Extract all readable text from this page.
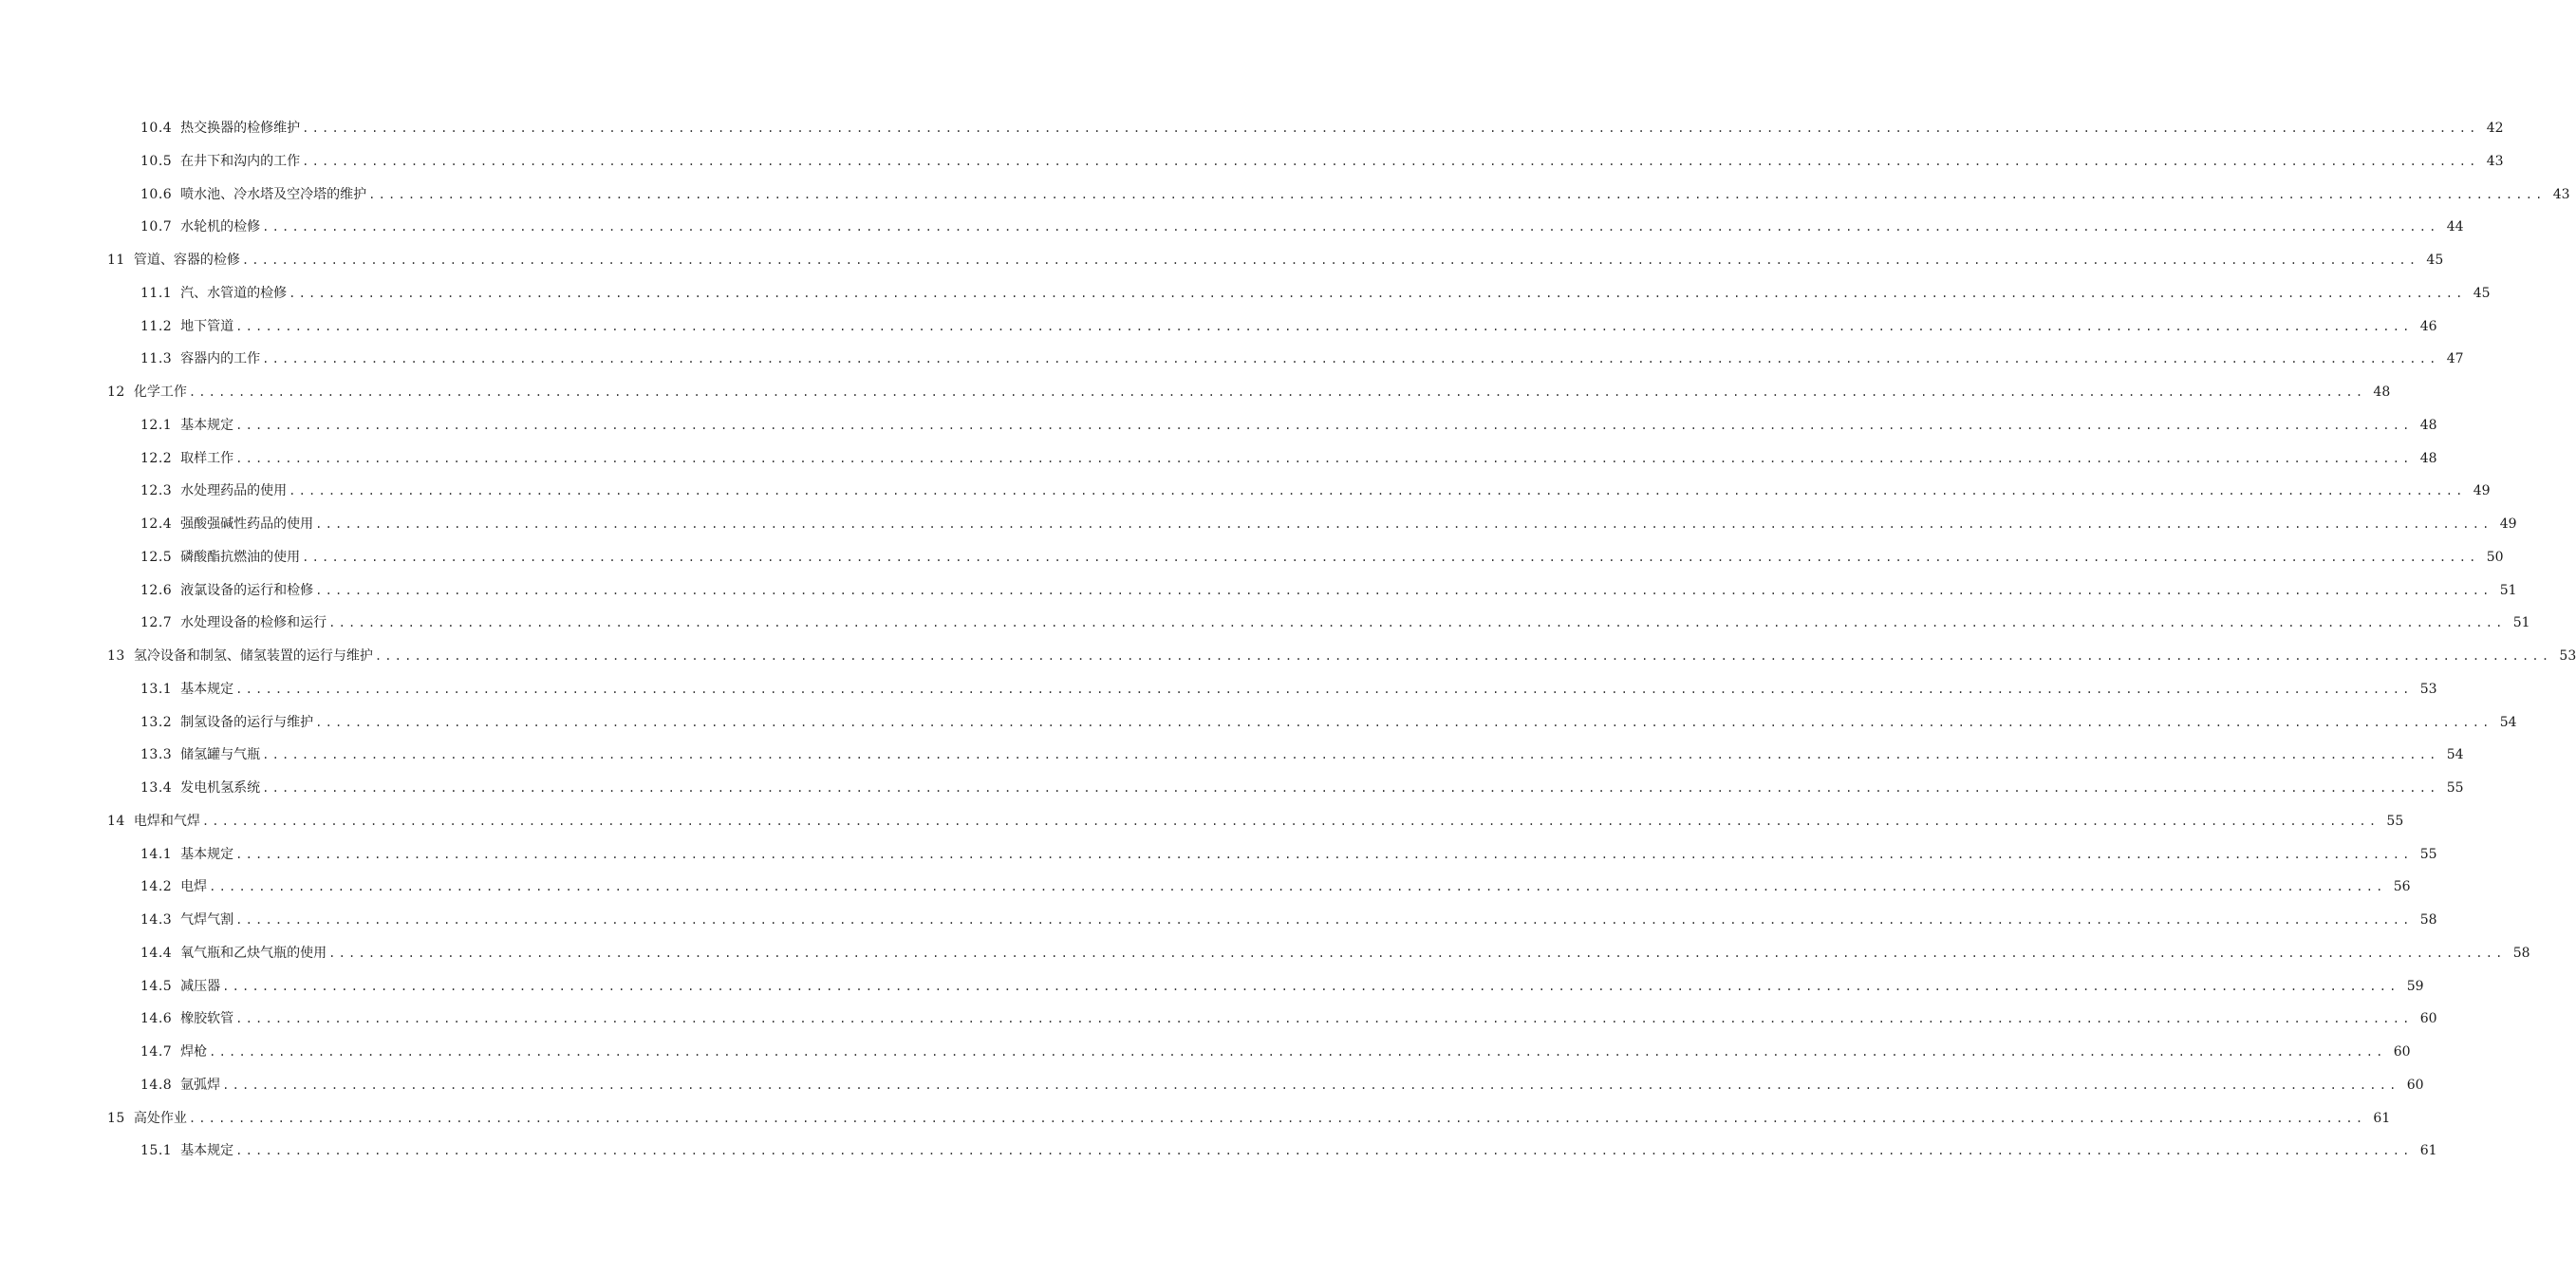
10.4 热交换器的检修维护 ............................................................................................................................................................................................................................ 42
10.5 在井下和沟内的工作 ............................................................................................................................................................................................................................ 43
10.6 喷水池、冷水塔及空冷塔的维护 ............................................................................................................................................................................................................................ 43
10.7 水轮机的检修 ............................................................................................................................................................................................................................ 44
11 管道、容器的检修 ............................................................................................................................................................................................................................ 45
11.1 汽、水管道的检修 ............................................................................................................................................................................................................................ 45
11.2 地下管道 ............................................................................................................................................................................................................................ 46
11.3 容器内的工作 ............................................................................................................................................................................................................................ 47
12 化学工作 ............................................................................................................................................................................................................................ 48
12.1 基本规定 ............................................................................................................................................................................................................................ 48
12.2 取样工作 ............................................................................................................................................................................................................................ 48
12.3 水处理药品的使用 ............................................................................................................................................................................................................................ 49
12.4 强酸强碱性药品的使用 ............................................................................................................................................................................................................................ 49
12.5 磷酸酯抗燃油的使用 ............................................................................................................................................................................................................................ 50
12.6 液氯设备的运行和检修 ............................................................................................................................................................................................................................ 51
12.7 水处理设备的检修和运行 ............................................................................................................................................................................................................................ 51
13 氢冷设备和制氢、储氢装置的运行与维护 ............................................................................................................................................................................................................................ 53
13.1 基本规定 ............................................................................................................................................................................................................................ 53
13.2 制氢设备的运行与维护 ............................................................................................................................................................................................................................ 54
13.3 储氢罐与气瓶 ............................................................................................................................................................................................................................ 54
13.4 发电机氢系统 ............................................................................................................................................................................................................................ 55
14 电焊和气焊 ............................................................................................................................................................................................................................ 55
14.1 基本规定 ............................................................................................................................................................................................................................ 55
14.2 电焊 ............................................................................................................................................................................................................................ 56
14.3 气焊气割 ............................................................................................................................................................................................................................ 58
14.4 氧气瓶和乙炔气瓶的使用 ............................................................................................................................................................................................................................ 58
14.5 减压器 ............................................................................................................................................................................................................................ 59
14.6 橡胶软管 ............................................................................................................................................................................................................................ 60
14.7 焊枪 ............................................................................................................................................................................................................................ 60
14.8 氩弧焊 ............................................................................................................................................................................................................................ 60
15 高处作业 ............................................................................................................................................................................................................................ 61
15.1 基本规定 ............................................................................................................................................................................................................................ 61
